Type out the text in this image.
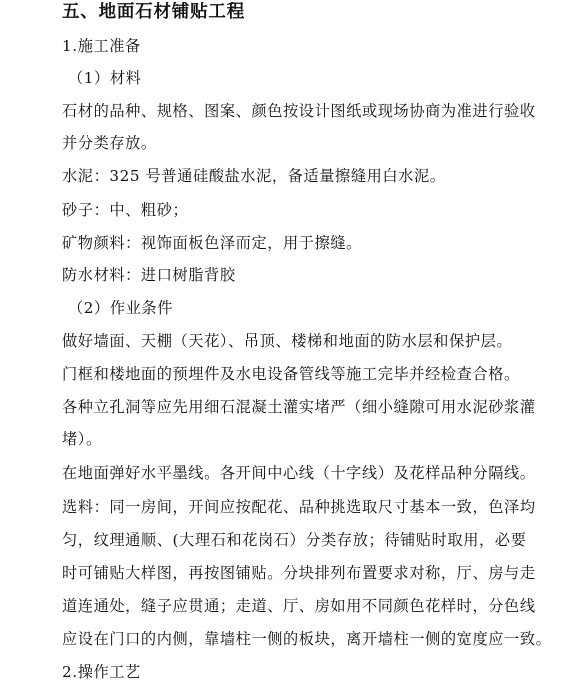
五、地面石材铺贴工程
1.施工准备
（1）材料
石材的品种、规格、图案、颜色按设计图纸或现场协商为准进行验收
并分类存放。
水泥：325 号普通硅酸盐水泥，备适量擦缝用白水泥。
砂子：中、粗砂；
矿物颜料：视饰面板色泽而定，用于擦缝。
防水材料：进口树脂背胶
（2）作业条件
做好墙面、天棚（天花）、吊顶、楼梯和地面的防水层和保护层。
门框和楼地面的预埋件及水电设备管线等施工完毕并经检查合格。
各种立孔洞等应先用细石混凝土灌实堵严（细小缝隙可用水泥砂浆灌
堵）。
在地面弹好水平墨线。各开间中心线（十字线）及花样品种分隔线。
选料：同一房间，开间应按配花、品种挑选取尺寸基本一致，色泽均
匀，纹理通顺、(大理石和花岗石）分类存放；待铺贴时取用，必要
时可铺贴大样图，再按图铺贴。分块排列布置要求对称，厅、房与走
道连通处，缝子应贯通；走道、厅、房如用不同颜色花样时，分色线
应设在门口的内侧，靠墙柱一侧的板块，离开墙柱一侧的宽度应一致。
2.操作工艺
